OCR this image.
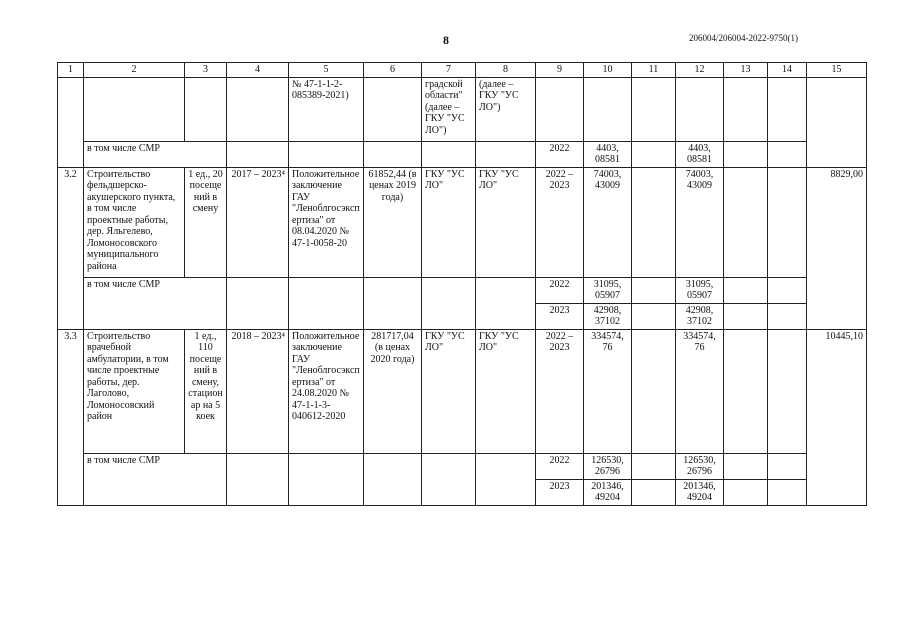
8	206004/206004-2022-9750(1)
1	2	3	4	5	6	7	8	9	10	11	12	13	14	15
				№ 47-1-1-2-085389-2021)		градской области" (далее – ГКУ "УС ЛО")	(далее – ГКУ "УС ЛО")							
	в том числе СМР							2022	4403, 08581		4403, 08581			
3.2	Строительство фельдшерско-акушерского пункта, в том числе проектные работы, дер. Яльгелево, Ломоносовского муниципального района	1 ед., 20 посещений в смену	2017 – 2023⁴	Положительное заключение ГАУ "Леноблгосэкспертиза" от 08.04.2020 № 47-1-0058-20	61852,44 (в ценах 2019 года)	ГКУ "УС ЛО"	ГКУ "УС ЛО"	2022 – 2023	74003, 43009		74003, 43009			8829,00
	в том числе СМР							2022	31095, 05907		31095, 05907			
								2023	42908, 37102		42908, 37102			
3.3	Строительство врачебной амбулатории, в том числе проектные работы, дер. Лаголово, Ломоносовский район	1 ед., 110 посещений в смену, стационар на 5 коек	2018 – 2023⁴	Положительное заключение ГАУ "Леноблгосэкспертиза" от 24.08.2020 № 47-1-1-3-040612-2020	281717,04 (в ценах 2020 года)	ГКУ "УС ЛО"	ГКУ "УС ЛО"	2022 – 2023	334574, 76		334574, 76			10445,10
	в том числе СМР							2022	126530, 26796		126530, 26796			
								2023	201346, 49204		201346, 49204			
